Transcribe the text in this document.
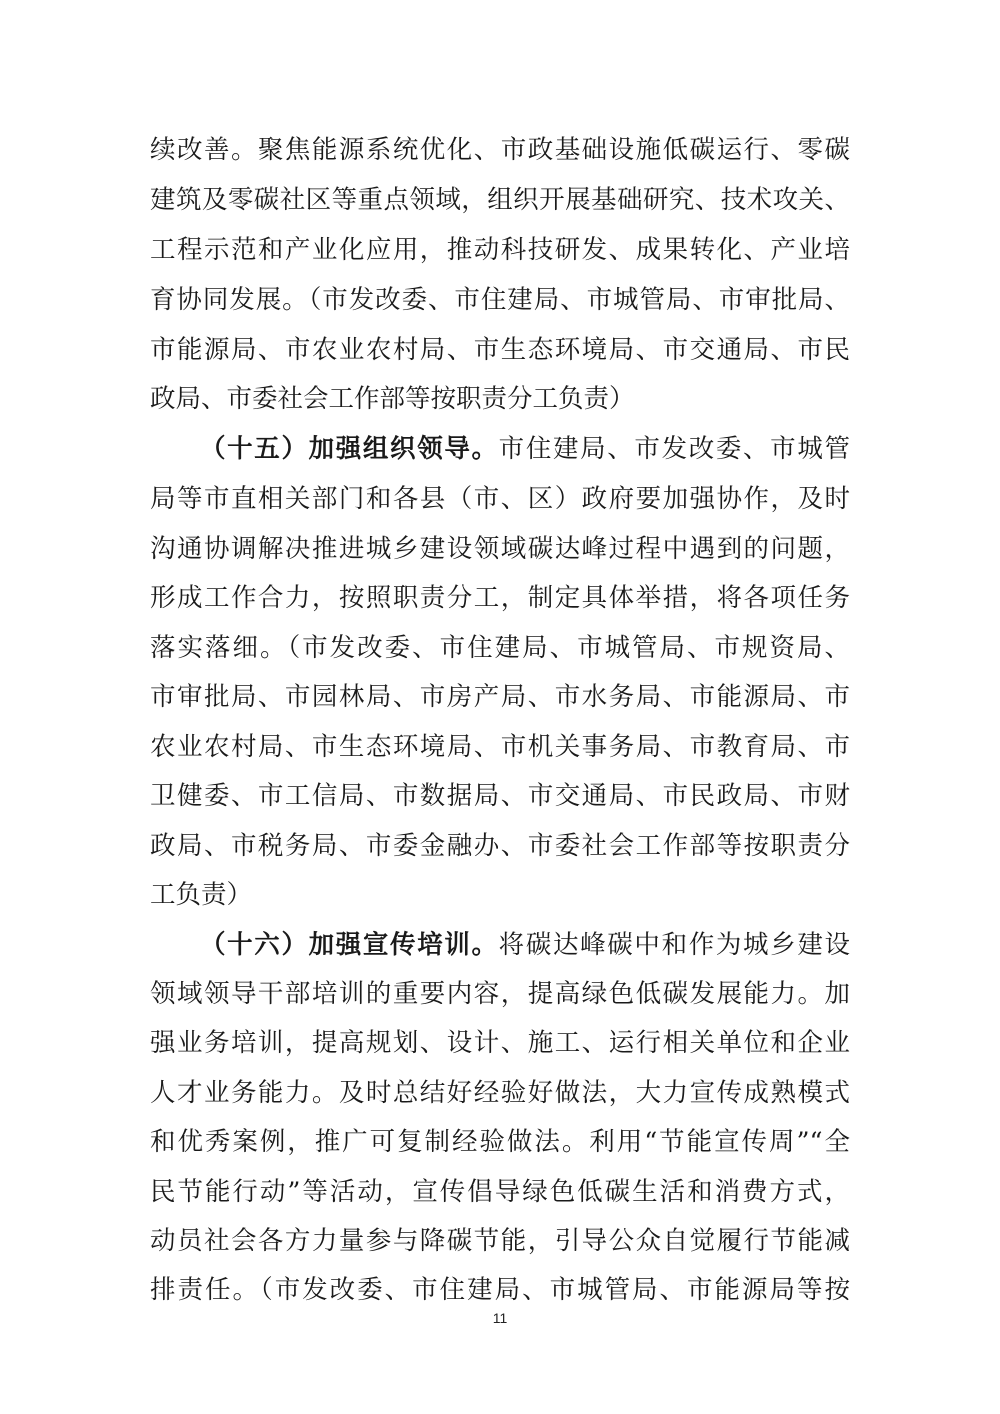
续改善。聚焦能源系统优化、市政基础设施低碳运行、零碳
建筑及零碳社区等重点领域，组织开展基础研究、技术攻关、
工程示范和产业化应用，推动科技研发、成果转化、产业培
育协同发展。（市发改委、市住建局、市城管局、市审批局、
市能源局、市农业农村局、市生态环境局、市交通局、市民
政局、市委社会工作部等按职责分工负责）
（十五）加强组织领导。市住建局、市发改委、市城管
局等市直相关部门和各县（市、区）政府要加强协作，及时
沟通协调解决推进城乡建设领域碳达峰过程中遇到的问题，
形成工作合力，按照职责分工，制定具体举措，将各项任务
落实落细。（市发改委、市住建局、市城管局、市规资局、
市审批局、市园林局、市房产局、市水务局、市能源局、市
农业农村局、市生态环境局、市机关事务局、市教育局、市
卫健委、市工信局、市数据局、市交通局、市民政局、市财
政局、市税务局、市委金融办、市委社会工作部等按职责分
工负责）
（十六）加强宣传培训。将碳达峰碳中和作为城乡建设
领域领导干部培训的重要内容，提高绿色低碳发展能力。加
强业务培训，提高规划、设计、施工、运行相关单位和企业
人才业务能力。及时总结好经验好做法，大力宣传成熟模式
和优秀案例，推广可复制经验做法。利用“节能宣传周”“全
民节能行动”等活动，宣传倡导绿色低碳生活和消费方式，
动员社会各方力量参与降碳节能，引导公众自觉履行节能减
排责任。（市发改委、市住建局、市城管局、市能源局等按
11
